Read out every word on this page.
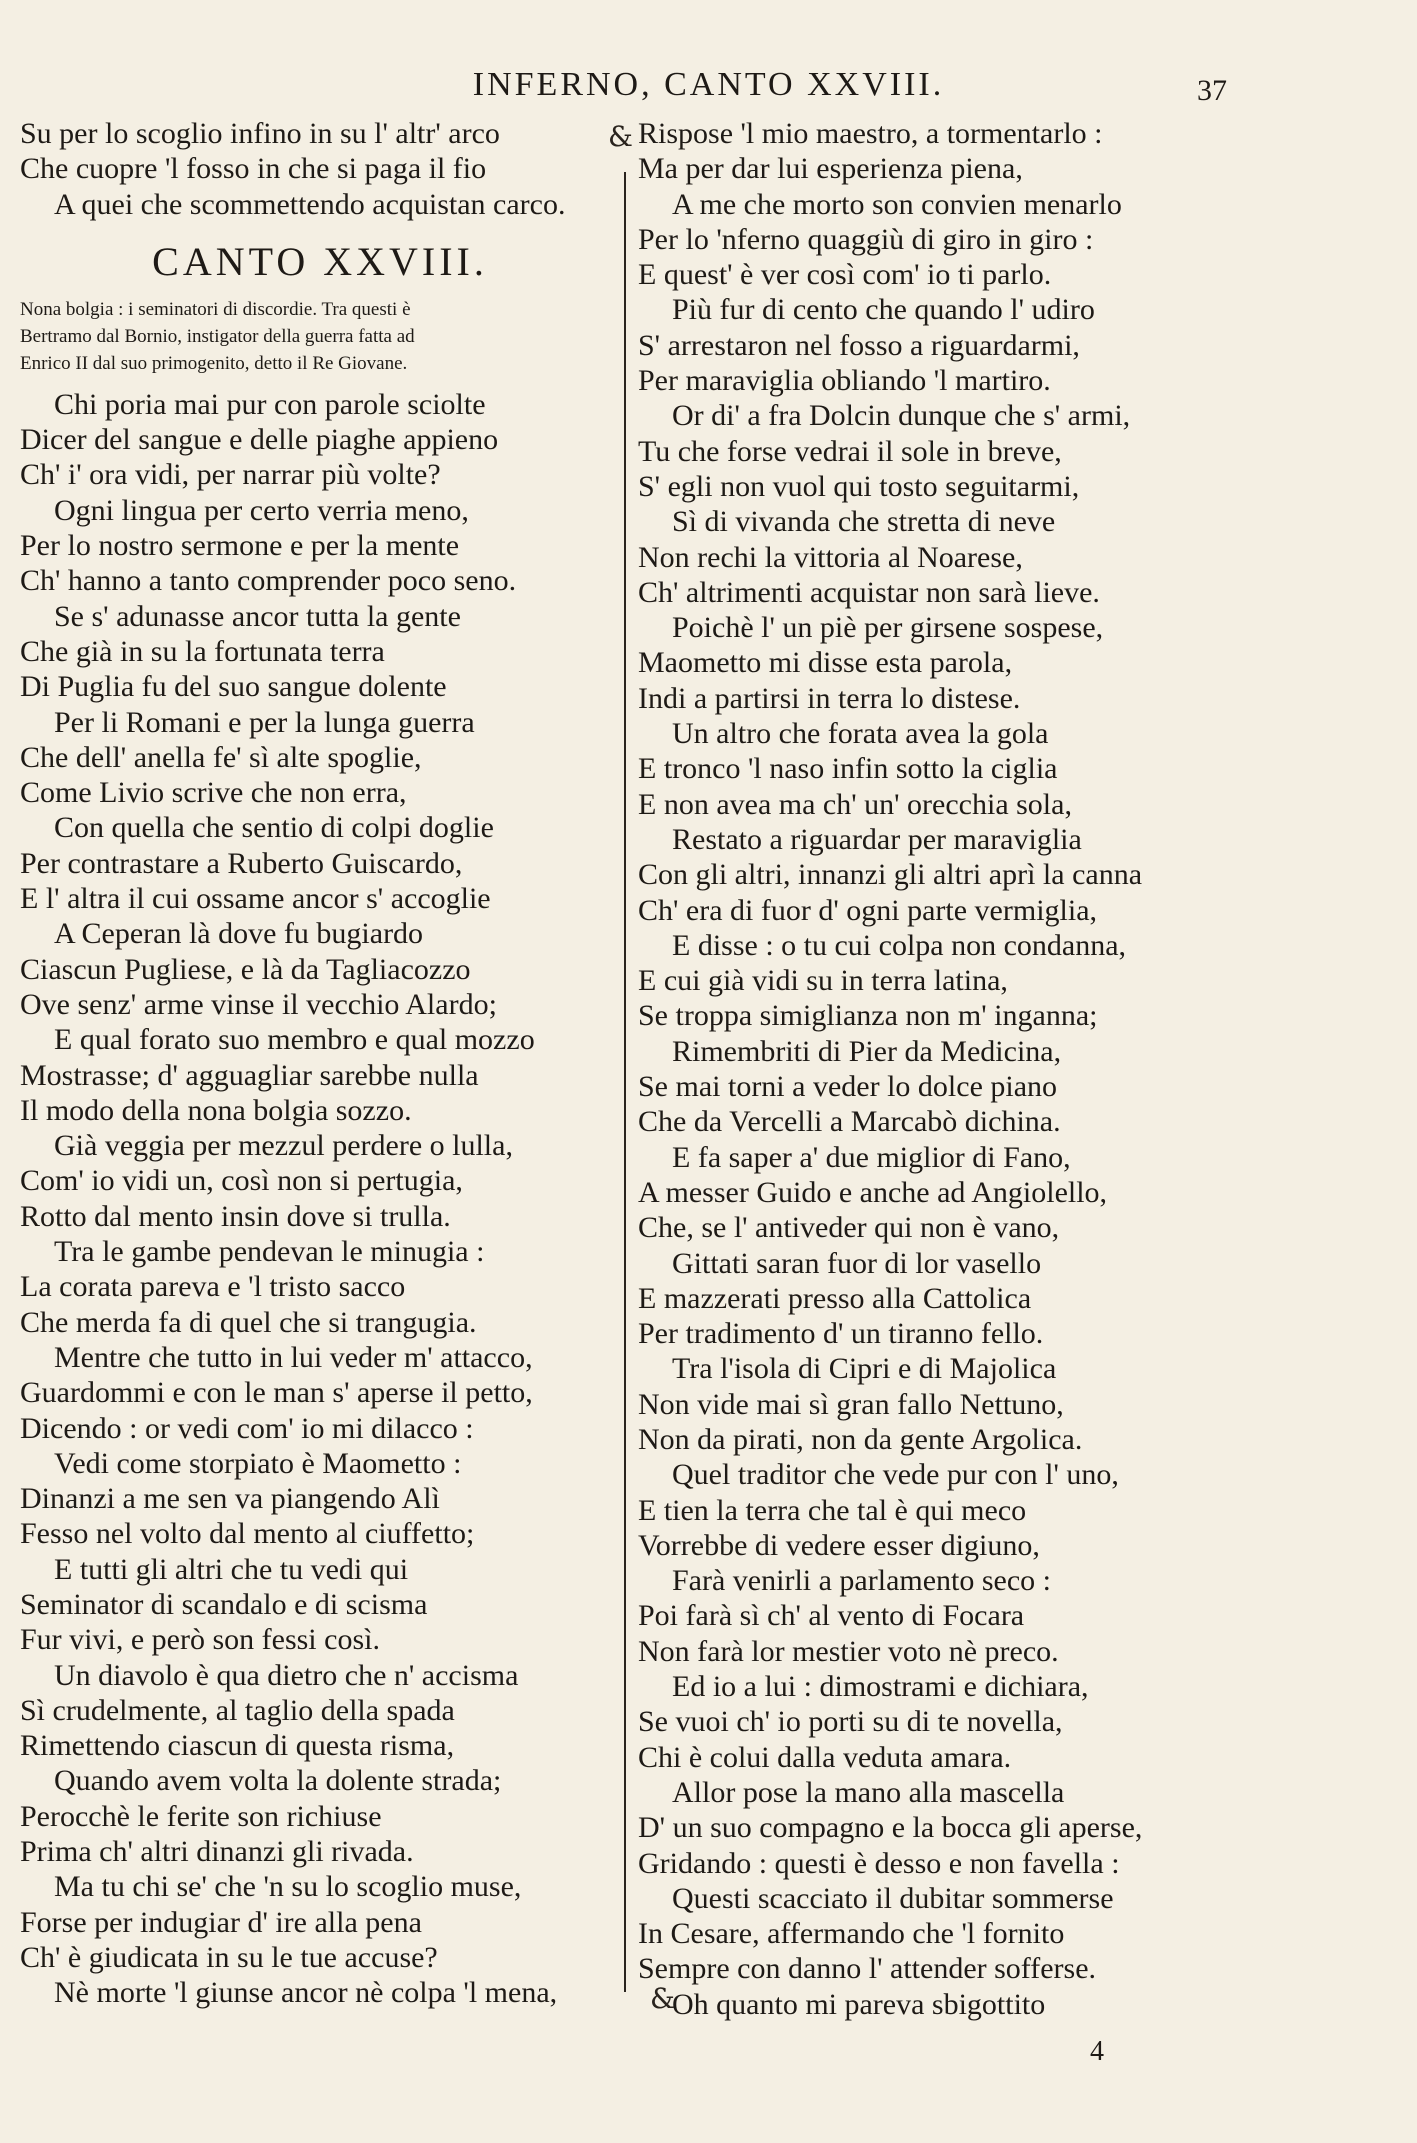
INFERNO, CANTO XXVIII.	37
Su per lo scoglio infino in su l' altr' arco
Che cuopre 'l fosso in che si paga il fio
A quei che scommettendo acquistan carco.
CANTO XXVIII.
Nona bolgia : i seminatori di discordie. Tra questi è
Bertramo dal Bornio, instigator della guerra fatta ad
Enrico II dal suo primogenito, detto il Re Giovane.
Chi poria mai pur con parole sciolte
Dicer del sangue e delle piaghe appieno
Ch' i' ora vidi, per narrar più volte?
Ogni lingua per certo verria meno,
Per lo nostro sermone e per la mente
Ch' hanno a tanto comprender poco seno.
Se s' adunasse ancor tutta la gente
Che già in su la fortunata terra
Di Puglia fu del suo sangue dolente
Per li Romani e per la lunga guerra
Che dell' anella fe' sì alte spoglie,
Come Livio scrive che non erra,
Con quella che sentio di colpi doglie
Per contrastare a Ruberto Guiscardo,
E l' altra il cui ossame ancor s' accoglie
A Ceperan là dove fu bugiardo
Ciascun Pugliese, e là da Tagliacozzo
Ove senz' arme vinse il vecchio Alardo;
E qual forato suo membro e qual mozzo
Mostrasse; d' agguagliar sarebbe nulla
Il modo della nona bolgia sozzo.
Già veggia per mezzul perdere o lulla,
Com' io vidi un, così non si pertugia,
Rotto dal mento insin dove si trulla.
Tra le gambe pendevan le minugia :
La corata pareva e 'l tristo sacco
Che merda fa di quel che si trangugia.
Mentre che tutto in lui veder m' attacco,
Guardommi e con le man s' aperse il petto,
Dicendo : or vedi com' io mi dilacco :
Vedi come storpiato è Maometto :
Dinanzi a me sen va piangendo Alì
Fesso nel volto dal mento al ciuffetto;
E tutti gli altri che tu vedi qui
Seminator di scandalo e di scisma
Fur vivi, e però son fessi così.
Un diavolo è qua dietro che n' accisma
Sì crudelmente, al taglio della spada
Rimettendo ciascun di questa risma,
Quando avem volta la dolente strada;
Perocchè le ferite son richiuse
Prima ch' altri dinanzi gli rivada.
Ma tu chi se' che 'n su lo scoglio muse,
Forse per indugiar d' ire alla pena
Ch' è giudicata in su le tue accuse?
Nè morte 'l giunse ancor nè colpa 'l mena,
&
&
Rispose 'l mio maestro, a tormentarlo :
Ma per dar lui esperienza piena,
A me che morto son convien menarlo
Per lo 'nferno quaggiù di giro in giro :
E quest' è ver così com' io ti parlo.
Più fur di cento che quando l' udiro
S' arrestaron nel fosso a riguardarmi,
Per maraviglia obliando 'l martiro.
Or di' a fra Dolcin dunque che s' armi,
Tu che forse vedrai il sole in breve,
S' egli non vuol qui tosto seguitarmi,
Sì di vivanda che stretta di neve
Non rechi la vittoria al Noarese,
Ch' altrimenti acquistar non sarà lieve.
Poichè l' un piè per girsene sospese,
Maometto mi disse esta parola,
Indi a partirsi in terra lo distese.
Un altro che forata avea la gola
E tronco 'l naso infin sotto la ciglia
E non avea ma ch' un' orecchia sola,
Restato a riguardar per maraviglia
Con gli altri, innanzi gli altri aprì la canna
Ch' era di fuor d' ogni parte vermiglia,
E disse : o tu cui colpa non condanna,
E cui già vidi su in terra latina,
Se troppa simiglianza non m' inganna;
Rimembriti di Pier da Medicina,
Se mai torni a veder lo dolce piano
Che da Vercelli a Marcabò dichina.
E fa saper a' due miglior di Fano,
A messer Guido e anche ad Angiolello,
Che, se l' antiveder qui non è vano,
Gittati saran fuor di lor vasello
E mazzerati presso alla Cattolica
Per tradimento d' un tiranno fello.
Tra l'isola di Cipri e di Majolica
Non vide mai sì gran fallo Nettuno,
Non da pirati, non da gente Argolica.
Quel traditor che vede pur con l' uno,
E tien la terra che tal è qui meco
Vorrebbe di vedere esser digiuno,
Farà venirli a parlamento seco :
Poi farà sì ch' al vento di Focara
Non farà lor mestier voto nè preco.
Ed io a lui : dimostrami e dichiara,
Se vuoi ch' io porti su di te novella,
Chi è colui dalla veduta amara.
Allor pose la mano alla mascella
D' un suo compagno e la bocca gli aperse,
Gridando : questi è desso e non favella :
Questi scacciato il dubitar sommerse
In Cesare, affermando che 'l fornito
Sempre con danno l' attender sofferse.
Oh quanto mi pareva sbigottito
4
